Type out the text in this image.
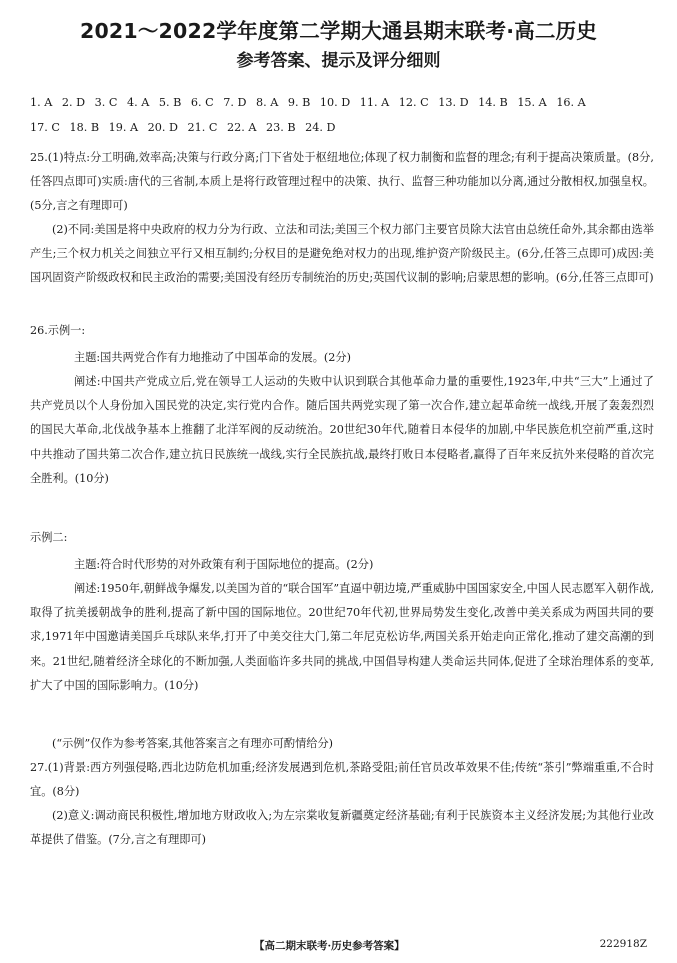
2021～2022学年度第二学期大通县期末联考·高二历史
参考答案、提示及评分细则
1. A 2. D 3. C 4. A 5. B 6. C 7. D 8. A 9. B 10. D 11. A 12. C 13. D 14. B 15. A 16. A
17. C 18. B 19. A 20. D 21. C 22. A 23. B 24. D
25.(1)特点:分工明确,效率高;决策与行政分离;门下省处于枢纽地位;体现了权力制衡和监督的理念;有利于提高决策质量。(8分,任答四点即可)实质:唐代的三省制,本质上是将行政管理过程中的决策、执行、监督三种功能加以分离,通过分散相权,加强皇权。(5分,言之有理即可)
(2)不同:美国是将中央政府的权力分为行政、立法和司法;美国三个权力部门主要官员除大法官由总统任命外,其余都由选举产生;三个权力机关之间独立平行又相互制约;分权目的是避免绝对权力的出现,维护资产阶级民主。(6分,任答三点即可)成因:美国巩固资产阶级政权和民主政治的需要;美国没有经历专制统治的历史;英国代议制的影响;启蒙思想的影响。(6分,任答三点即可)
26.示例一:
主题:国共两党合作有力地推动了中国革命的发展。(2分)
阐述:中国共产党成立后,党在领导工人运动的失败中认识到联合其他革命力量的重要性,1923年,中共“三大”上通过了共产党员以个人身份加入国民党的决定,实行党内合作。随后国共两党实现了第一次合作,建立起革命统一战线,开展了轰轰烈烈的国民大革命,北伐战争基本上推翻了北洋军阀的反动统治。20世纪30年代,随着日本侵华的加剧,中华民族危机空前严重,这时中共推动了国共第二次合作,建立抗日民族统一战线,实行全民族抗战,最终打败日本侵略者,赢得了百年来反抗外来侵略的首次完全胜利。(10分)
示例二:
主题:符合时代形势的对外政策有利于国际地位的提高。(2分)
阐述:1950年,朝鲜战争爆发,以美国为首的“联合国军”直逼中朝边境,严重威胁中国国家安全,中国人民志愿军入朝作战,取得了抗美援朝战争的胜利,提高了新中国的国际地位。20世纪70年代初,世界局势发生变化,改善中美关系成为两国共同的要求,1971年中国邀请美国乒乓球队来华,打开了中美交往大门,第二年尼克松访华,两国关系开始走向正常化,推动了建交高潮的到来。21世纪,随着经济全球化的不断加强,人类面临许多共同的挑战,中国倡导构建人类命运共同体,促进了全球治理体系的变革,扩大了中国的国际影响力。(10分)
(“示例”仅作为参考答案,其他答案言之有理亦可酌情给分)
27.(1)背景:西方列强侵略,西北边防危机加重;经济发展遇到危机,茶路受阻;前任官员改革效果不佳;传统“茶引”弊端重重,不合时宜。(8分)
(2)意义:调动商民积极性,增加地方财政收入;为左宗棠收复新疆奠定经济基础;有利于民族资本主义经济发展;为其他行业改革提供了借鉴。(7分,言之有理即可)
【高二期末联考·历史参考答案】	222918Z
